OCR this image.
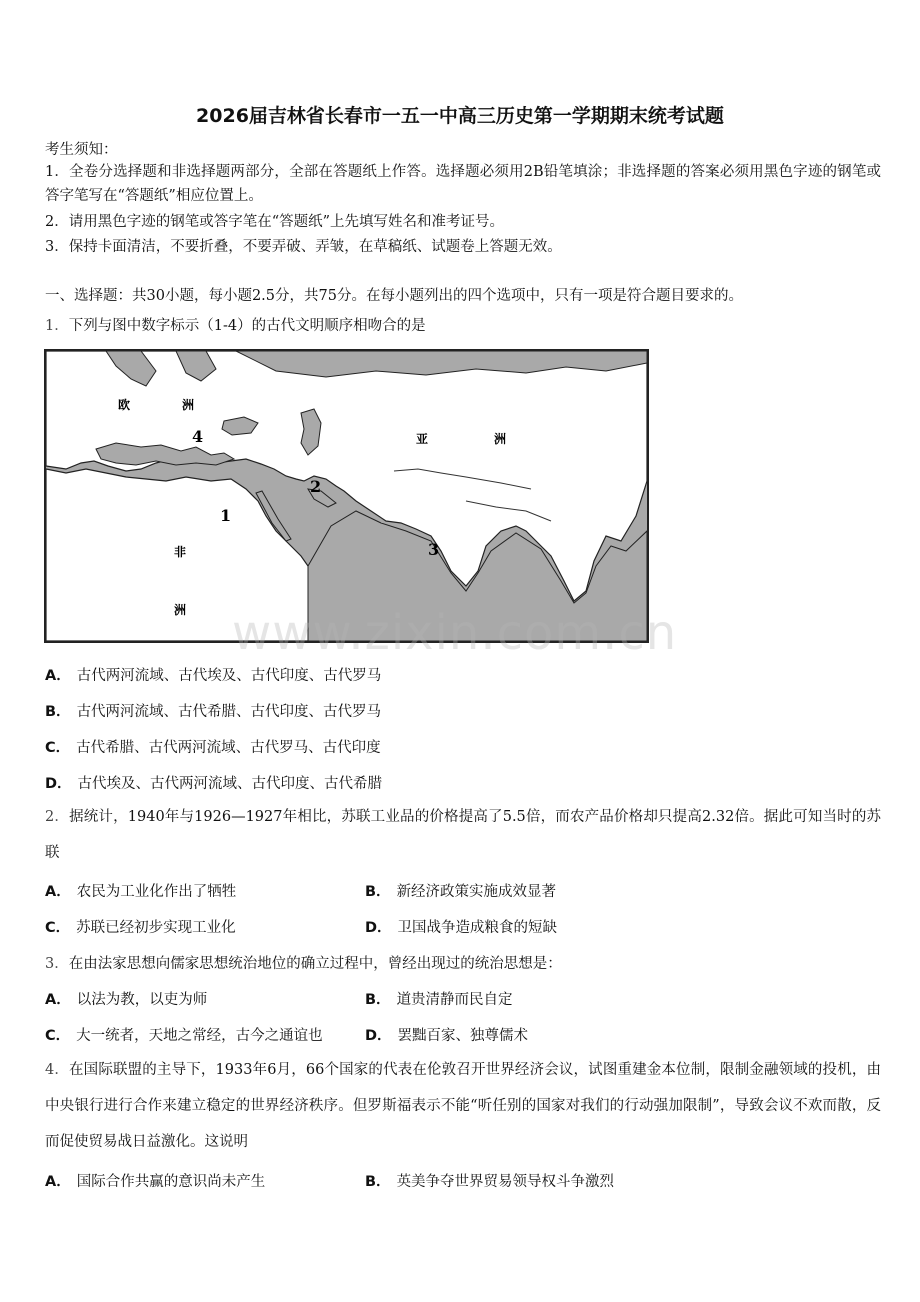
2026届吉林省长春市一五一中高三历史第一学期期末统考试题
考生须知：
1．全卷分选择题和非选择题两部分，全部在答题纸上作答。选择题必须用2B铅笔填涂；非选择题的答案必须用黑色字迹的钢笔或答字笔写在“答题纸”相应位置上。
2．请用黑色字迹的钢笔或答字笔在“答题纸”上先填写姓名和准考证号。
3．保持卡面清洁，不要折叠，不要弄破、弄皱，在草稿纸、试题卷上答题无效。
一、选择题：共30小题，每小题2.5分，共75分。在每小题列出的四个选项中，只有一项是符合题目要求的。
1．下列与图中数字标示（1-4）的古代文明顺序相吻合的是
欧	洲
亚	洲
非
洲
1
2
3
4
A． 古代两河流域、古代埃及、古代印度、古代罗马
B． 古代两河流域、古代希腊、古代印度、古代罗马
C． 古代希腊、古代两河流域、古代罗马、古代印度
D． 古代埃及、古代两河流域、古代印度、古代希腊
2．据统计，1940年与1926—1927年相比，苏联工业品的价格提高了5.5倍，而农产品价格却只提高2.32倍。据此可知当时的苏联
A． 农民为工业化作出了牺牲	B． 新经济政策实施成效显著
C． 苏联已经初步实现工业化	D． 卫国战争造成粮食的短缺
3．在由法家思想向儒家思想统治地位的确立过程中，曾经出现过的统治思想是：
A． 以法为教，以吏为师	B． 道贵清静而民自定
C． 大一统者，天地之常经，古今之通谊也	D． 罢黜百家、独尊儒术
4．在国际联盟的主导下，1933年6月，66个国家的代表在伦敦召开世界经济会议，试图重建金本位制，限制金融领域的投机，由中央银行进行合作来建立稳定的世界经济秩序。但罗斯福表示不能“听任别的国家对我们的行动强加限制”，导致会议不欢而散，反而促使贸易战日益激化。这说明
A． 国际合作共赢的意识尚未产生	B． 英美争夺世界贸易领导权斗争激烈
www.zixin.com.cn
